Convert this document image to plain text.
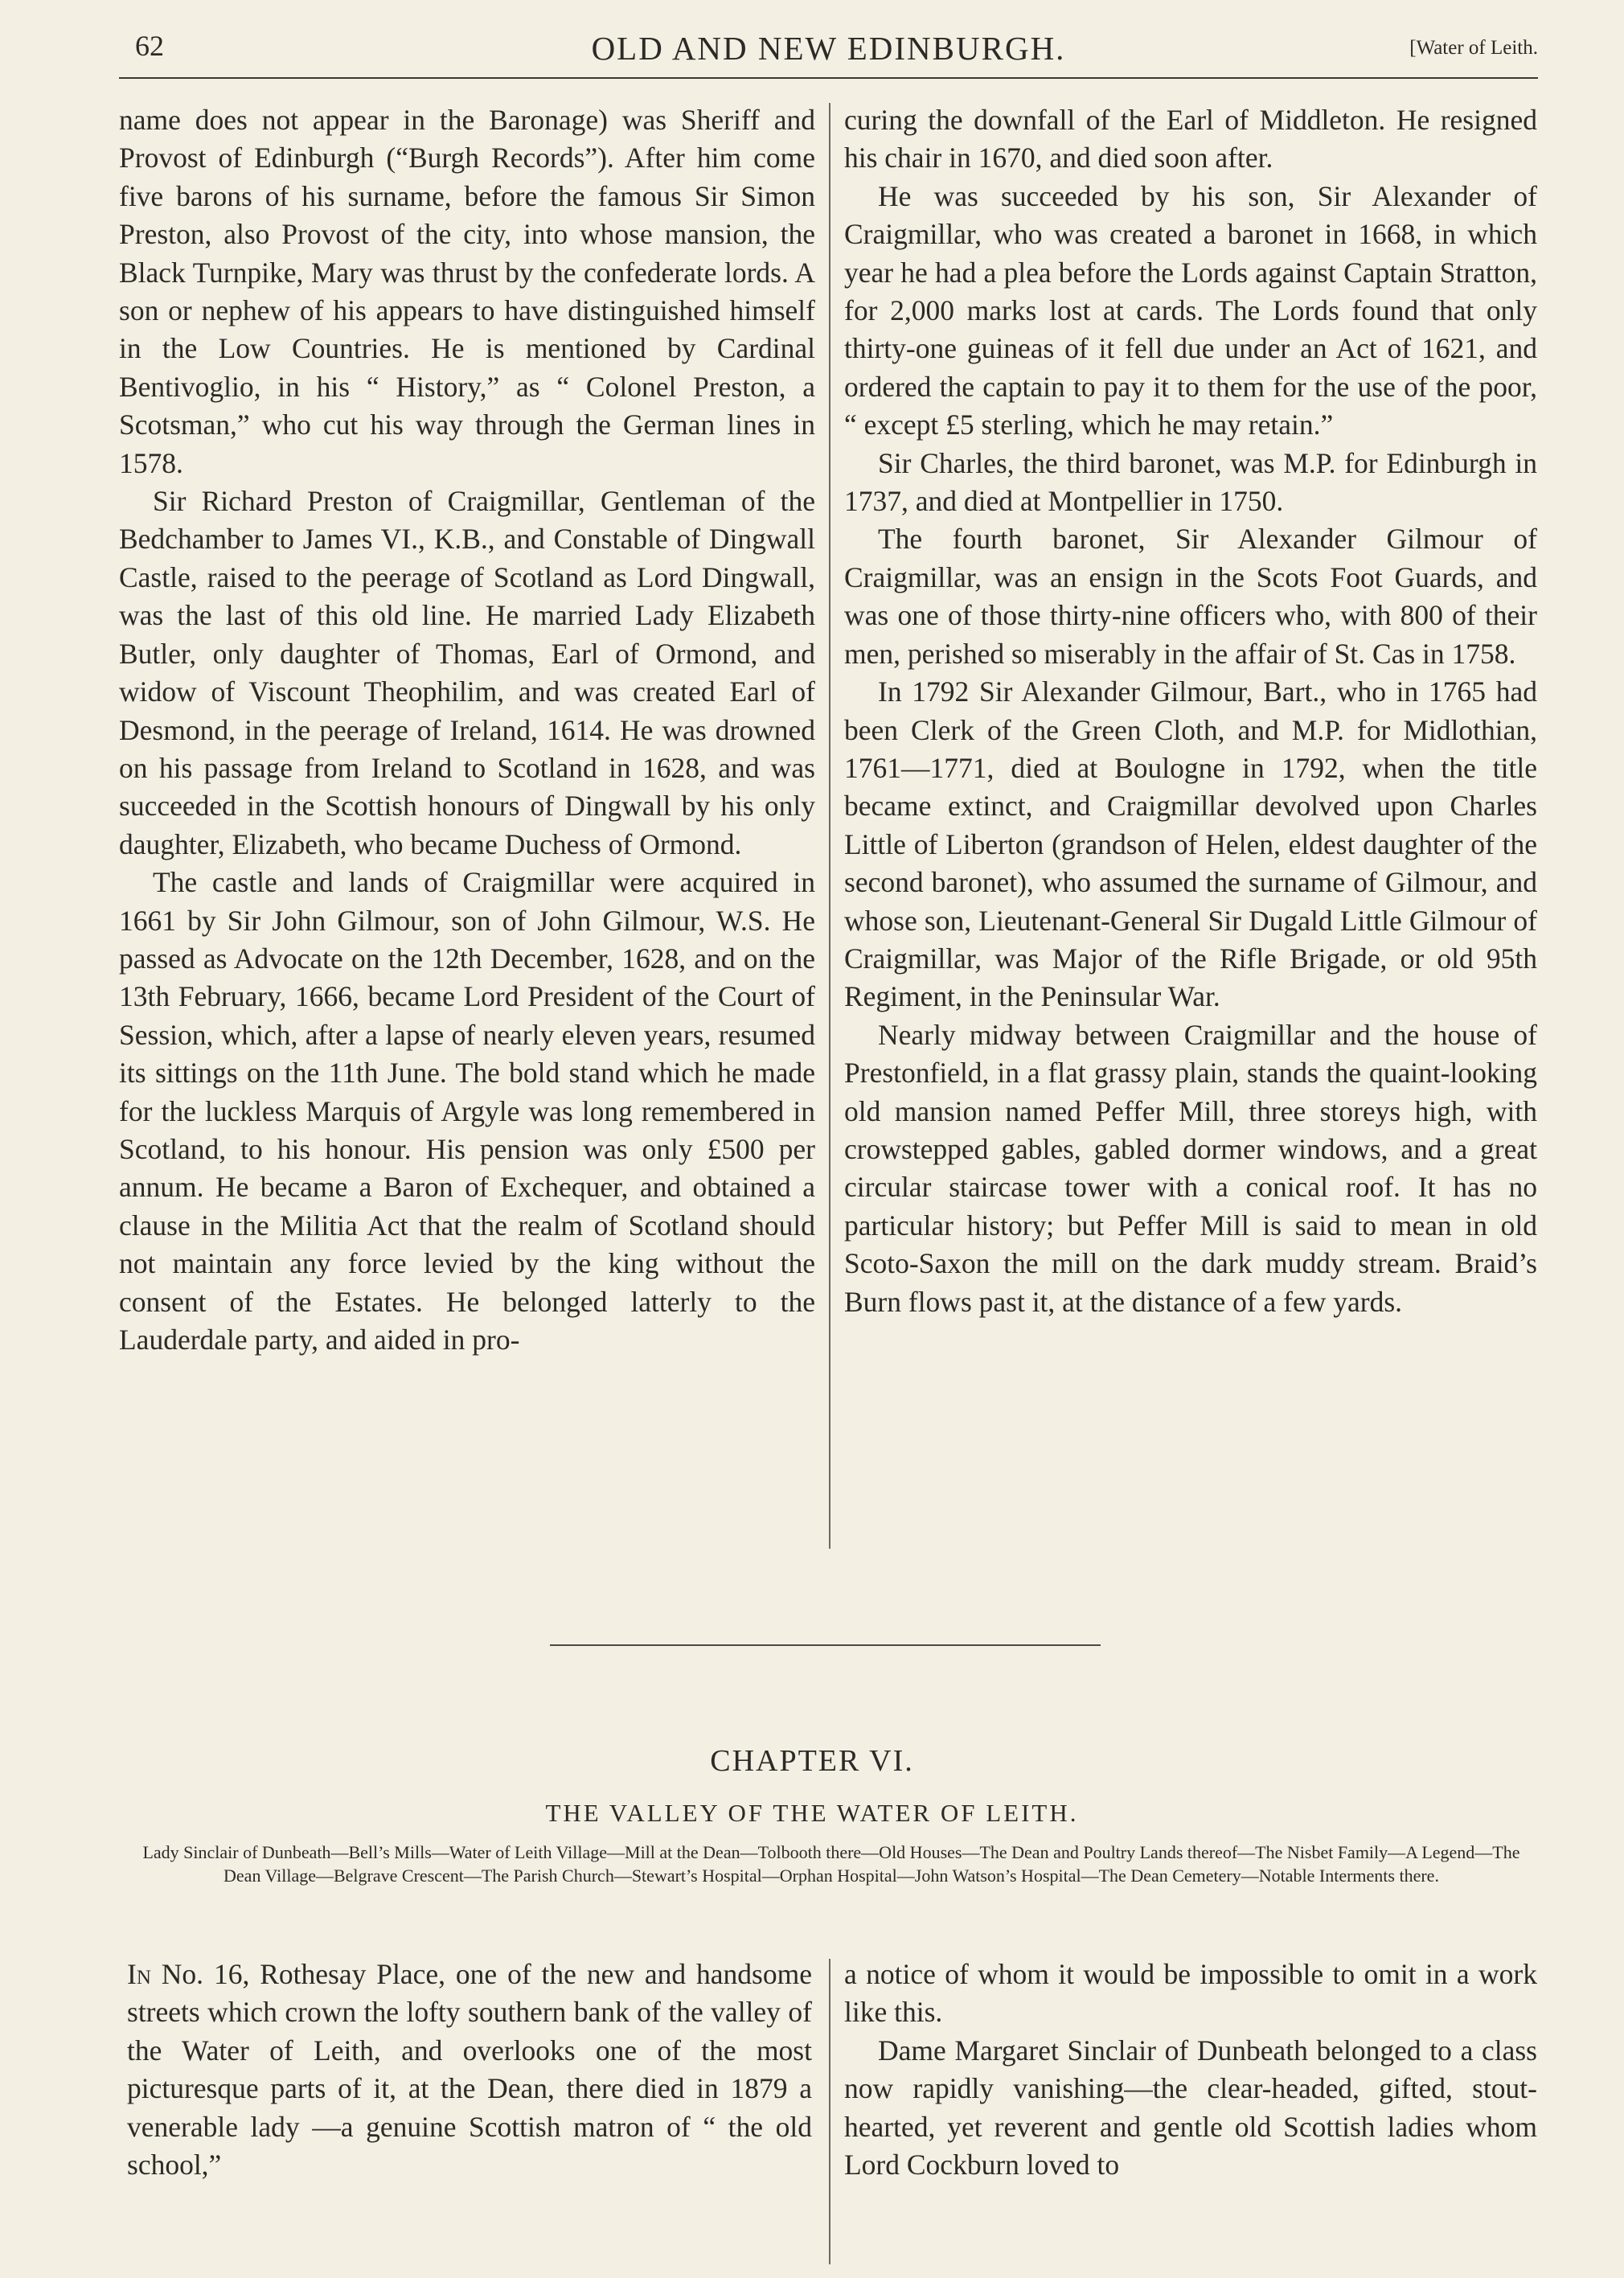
62	OLD AND NEW EDINBURGH.	[Water of Leith.

name does not appear in the Baronage) was Sheriff and Provost of Edinburgh (“Burgh Records”). After him come five barons of his surname, before the famous Sir Simon Preston, also Provost of the city, into whose mansion, the Black Turnpike, Mary was thrust by the confederate lords. A son or nephew of his appears to have distinguished himself in the Low Countries. He is mentioned by Cardinal Bentivoglio, in his “ History,” as “ Colonel Preston, a Scotsman,” who cut his way through the German lines in 1578.

Sir Richard Preston of Craigmillar, Gentleman of the Bedchamber to James VI., K.B., and Constable of Dingwall Castle, raised to the peerage of Scotland as Lord Dingwall, was the last of this old line. He married Lady Elizabeth Butler, only daughter of Thomas, Earl of Ormond, and widow of Viscount Theophilim, and was created Earl of Desmond, in the peerage of Ireland, 1614. He was drowned on his passage from Ireland to Scotland in 1628, and was succeeded in the Scottish honours of Dingwall by his only daughter, Elizabeth, who became Duchess of Ormond.

The castle and lands of Craigmillar were acquired in 1661 by Sir John Gilmour, son of John Gilmour, W.S. He passed as Advocate on the 12th December, 1628, and on the 13th February, 1666, became Lord President of the Court of Session, which, after a lapse of nearly eleven years, resumed its sittings on the 11th June. The bold stand which he made for the luckless Marquis of Argyle was long remembered in Scotland, to his honour. His pension was only £500 per annum. He became a Baron of Exchequer, and obtained a clause in the Militia Act that the realm of Scotland should not maintain any force levied by the king without the consent of the Estates. He belonged latterly to the Lauderdale party, and aided in pro-

curing the downfall of the Earl of Middleton. He resigned his chair in 1670, and died soon after.

He was succeeded by his son, Sir Alexander of Craigmillar, who was created a baronet in 1668, in which year he had a plea before the Lords against Captain Stratton, for 2,000 marks lost at cards. The Lords found that only thirty-one guineas of it fell due under an Act of 1621, and ordered the captain to pay it to them for the use of the poor, “ except £5 sterling, which he may retain.”

Sir Charles, the third baronet, was M.P. for Edinburgh in 1737, and died at Montpellier in 1750.

The fourth baronet, Sir Alexander Gilmour of Craigmillar, was an ensign in the Scots Foot Guards, and was one of those thirty-nine officers who, with 800 of their men, perished so miserably in the affair of St. Cas in 1758.

In 1792 Sir Alexander Gilmour, Bart., who in 1765 had been Clerk of the Green Cloth, and M.P. for Midlothian, 1761—1771, died at Boulogne in 1792, when the title became extinct, and Craigmillar devolved upon Charles Little of Liberton (grandson of Helen, eldest daughter of the second baronet), who assumed the surname of Gilmour, and whose son, Lieutenant-General Sir Dugald Little Gilmour of Craigmillar, was Major of the Rifle Brigade, or old 95th Regiment, in the Peninsular War.

Nearly midway between Craigmillar and the house of Prestonfield, in a flat grassy plain, stands the quaint-looking old mansion named Peffer Mill, three storeys high, with crowstepped gables, gabled dormer windows, and a great circular staircase tower with a conical roof. It has no particular history; but Peffer Mill is said to mean in old Scoto-Saxon the mill on the dark muddy stream. Braid’s Burn flows past it, at the distance of a few yards.

CHAPTER VI.
THE VALLEY OF THE WATER OF LEITH.
Lady Sinclair of Dunbeath—Bell’s Mills—Water of Leith Village—Mill at the Dean—Tolbooth there—Old Houses—The Dean and Poultry Lands thereof—The Nisbet Family—A Legend—The Dean Village—Belgrave Crescent—The Parish Church—Stewart’s Hospital—Orphan Hospital—John Watson’s Hospital—The Dean Cemetery—Notable Interments there.

In No. 16, Rothesay Place, one of the new and handsome streets which crown the lofty southern bank of the valley of the Water of Leith, and overlooks one of the most picturesque parts of it, at the Dean, there died in 1879 a venerable lady —a genuine Scottish matron of “ the old school,”

a notice of whom it would be impossible to omit in a work like this.

Dame Margaret Sinclair of Dunbeath belonged to a class now rapidly vanishing—the clear-headed, gifted, stout-hearted, yet reverent and gentle old Scottish ladies whom Lord Cockburn loved to
